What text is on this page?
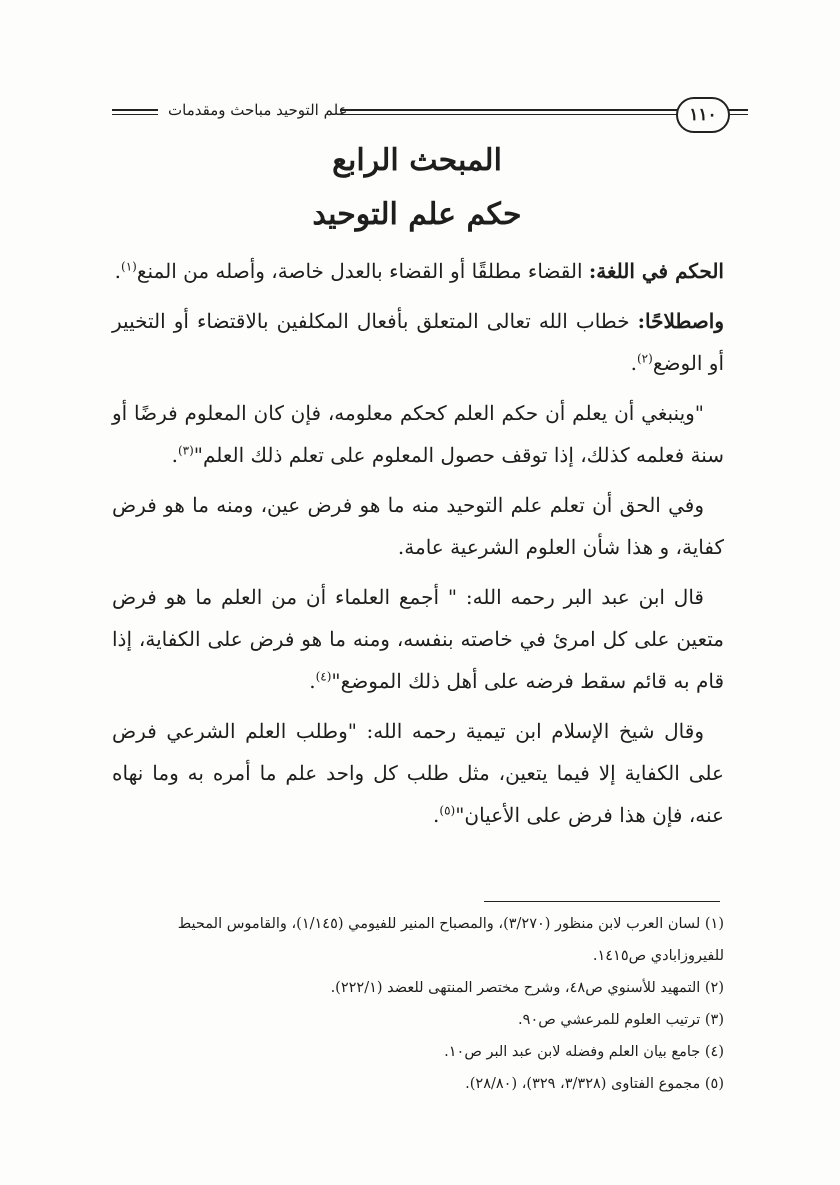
علم التوحيد مباحث ومقدمات	١١٠
المبحث الرابع
حكم علم التوحيد

الحكم في اللغة: القضاء مطلقًا أو القضاء بالعدل خاصة، وأصله من المنع$^{(١)}$.

واصطلاحًا: خطاب الله تعالى المتعلق بأفعال المكلفين بالاقتضاء أو التخيير أو الوضع$^{(٢)}$.

"وينبغي أن يعلم أن حكم العلم كحكم معلومه، فإن كان المعلوم فرضًا أو سنة فعلمه كذلك، إذا توقف حصول المعلوم على تعلم ذلك العلم"$^{(٣)}$.

وفي الحق أن تعلم علم التوحيد منه ما هو فرض عين، ومنه ما هو فرض كفاية، و هذا شأن العلوم الشرعية عامة.

قال ابن عبد البر رحمه الله: " أجمع العلماء أن من العلم ما هو فرض متعين على كل امرئ في خاصته بنفسه، ومنه ما هو فرض على الكفاية، إذا قام به قائم سقط فرضه على أهل ذلك الموضع"$^{(٤)}$.

وقال شيخ الإسلام ابن تيمية رحمه الله: "وطلب العلم الشرعي فرض على الكفاية إلا فيما يتعين، مثل طلب كل واحد علم ما أمره به وما نهاه عنه، فإن هذا فرض على الأعيان"$^{(٥)}$.

(١) لسان العرب لابن منظور (٣/٢٧٠)، والمصباح المنير للفيومي (١/١٤٥)، والقاموس المحيط للفيروزابادي ص١٤١٥.

(٢) التمهيد للأسنوي ص٤٨، وشرح مختصر المنتهى للعضد (٢٢٢/١).

(٣) ترتيب العلوم للمرعشي ص٩٠.

(٤) جامع بيان العلم وفضله لابن عبد البر ص١٠.

(٥) مجموع الفتاوى (٣/٣٢٨، ٣٢٩)، (٢٨/٨٠).
